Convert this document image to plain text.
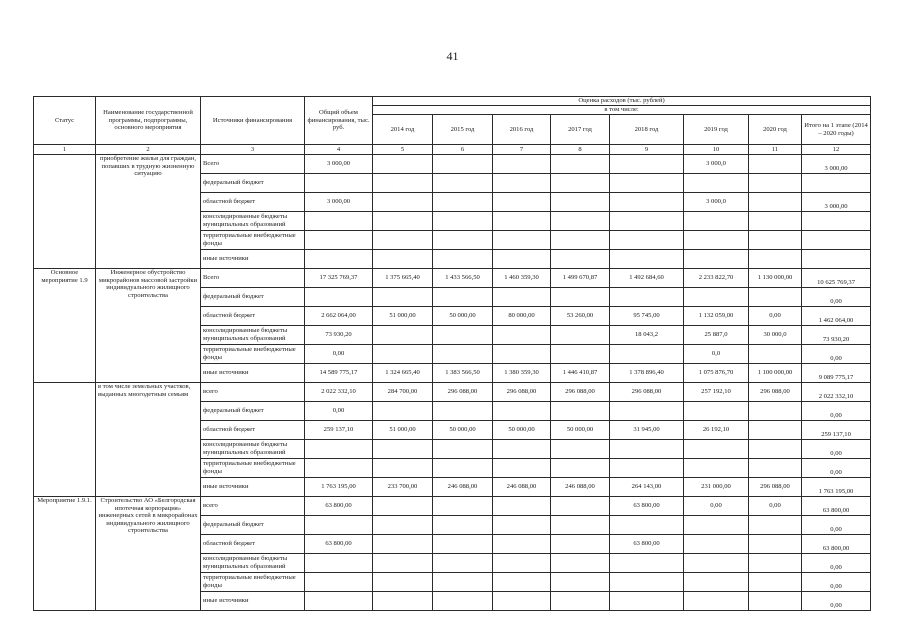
41
Статус	Наименование государственной программы, подпрограммы, основного мероприятия	Источники финансирования	Общий объем финансирования, тыс. руб.	Оценка расходов (тыс. рублей)							
				в том числе:							
				2014 год	2015 год	2016 год	2017 год	2018 год	2019 год	2020 год	Итого на 1 этапе (2014 – 2020 годы)
1	2	3	4	5	6	7	8	9	10	11	12
	приобретение жилья для граждан, попавших в трудную жизненную ситуацию	Всего	3 000,00						3 000,0		3 000,00
		федеральный бюджет									
		областной бюджет	3 000,00						3 000,0		3 000,00
		консолидированные бюджеты муниципальных образований									
		территориальные внебюджетные фонды									
		иные источники									
Основное мероприятие 1.9	Инженерное обустройство микрорайонов массовой застройки индивидуального жилищного строительства	Всего	17 325 769,37	1 375 665,40	1 433 566,50	1 460 359,30	1 499 670,87	1 492 684,60	2 233 822,70	1 130 000,00	10 625 769,37
		федеральный бюджет									0,00
		областной бюджет	2 662 064,00	51 000,00	50 000,00	80 000,00	53 260,00	95 745,00	1 132 059,00	0,00	1 462 064,00
		консолидированные бюджеты муниципальных образований	73 930,20					18 043,2	25 887,0	30 000,0	73 930,20
		территориальные внебюджетные фонды	0,00						0,0		0,00
		иные источники	14 589 775,17	1 324 665,40	1 383 566,50	1 380 359,30	1 446 410,87	1 378 896,40	1 075 876,70	1 100 000,00	9 089 775,17
	в том числе земельных участков, выданных многодетным семьям	всего	2 022 332,10	284 700,00	296 088,00	296 088,00	296 088,00	296 088,00	257 192,10	296 088,00	2 022 332,10
		федеральный бюджет	0,00								0,00
		областной бюджет	259 137,10	51 000,00	50 000,00	50 000,00	50 000,00	31 945,00	26 192,10		259 137,10
		консолидированные бюджеты муниципальных образований									0,00
		территориальные внебюджетные фонды									0,00
		иные источники	1 763 195,00	233 700,00	246 088,00	246 088,00	246 088,00	264 143,00	231 000,00	296 088,00	1 763 195,00
Мероприятие 1.9.1.	Строительство АО «Белгородская ипотечная корпорация» инженерных сетей в микрорайонах индивидуального жилищного строительства	всего	63 800,00					63 800,00	0,00	0,00	63 800,00
		федеральный бюджет									0,00
		областной бюджет	63 800,00					63 800,00			63 800,00
		консолидированные бюджеты муниципальных образований									0,00
		территориальные внебюджетные фонды									0,00
		иные источники									0,00
